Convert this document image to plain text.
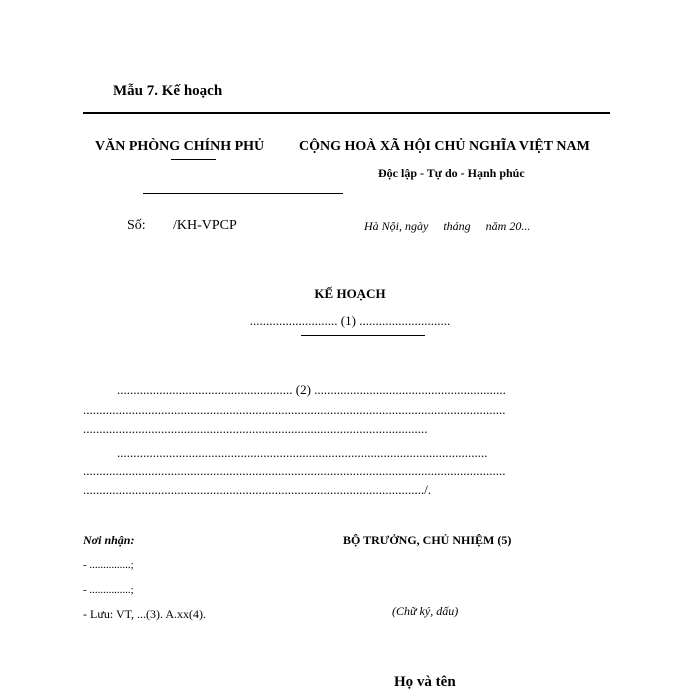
Mẫu 7. Kế hoạch
VĂN PHÒNG CHÍNH PHỦ CỘNG HOÀ XÃ HỘI CHỦ NGHĨA VIỆT NAM
Độc lập - Tự do - Hạnh phúc
Số: /KH-VPCP	Hà Nội, ngày     tháng     năm 20...
KẾ HOẠCH
........................... (1) ............................
...................................................... (2) ...........................................................
..................................................................................................................................
..........................................................................................................
..................................................................................................................
..................................................................................................................................
........................................................................................................./.
Nơi nhận:
- ...............;
- ...............;
- Lưu: VT, ...(3). A.xx(4).
BỘ TRƯỞNG, CHỦ NHIỆM (5)
(Chữ ký, dấu)
Họ và tên
